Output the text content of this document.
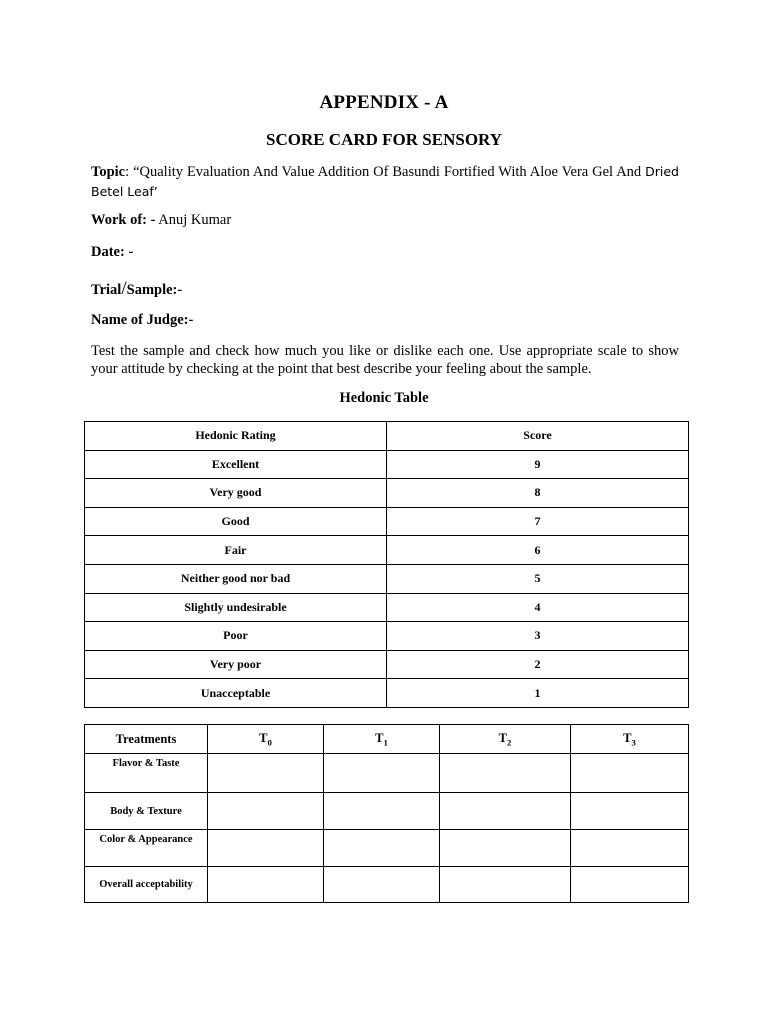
APPENDIX - A
SCORE CARD FOR SENSORY
Topic: “Quality Evaluation And Value Addition Of Basundi Fortified With Aloe Vera Gel And Dried Betel Leaf’
Work of: - Anuj Kumar
Date: -
Trial/Sample:-
Name of Judge:-
Test the sample and check how much you like or dislike each one. Use appropriate scale to show your attitude by checking at the point that best describe your feeling about the sample.
Hedonic Table
Hedonic Rating	Score
Excellent	9
Very good	8
Good	7
Fair	6
Neither good nor bad	5
Slightly undesirable	4
Poor	3
Very poor	2
Unacceptable	1
Treatments	$T_0$	$T_1$	$T_2$	$T_3$
Flavor & Taste				
Body & Texture				
Color & Appearance				
Overall acceptability				
